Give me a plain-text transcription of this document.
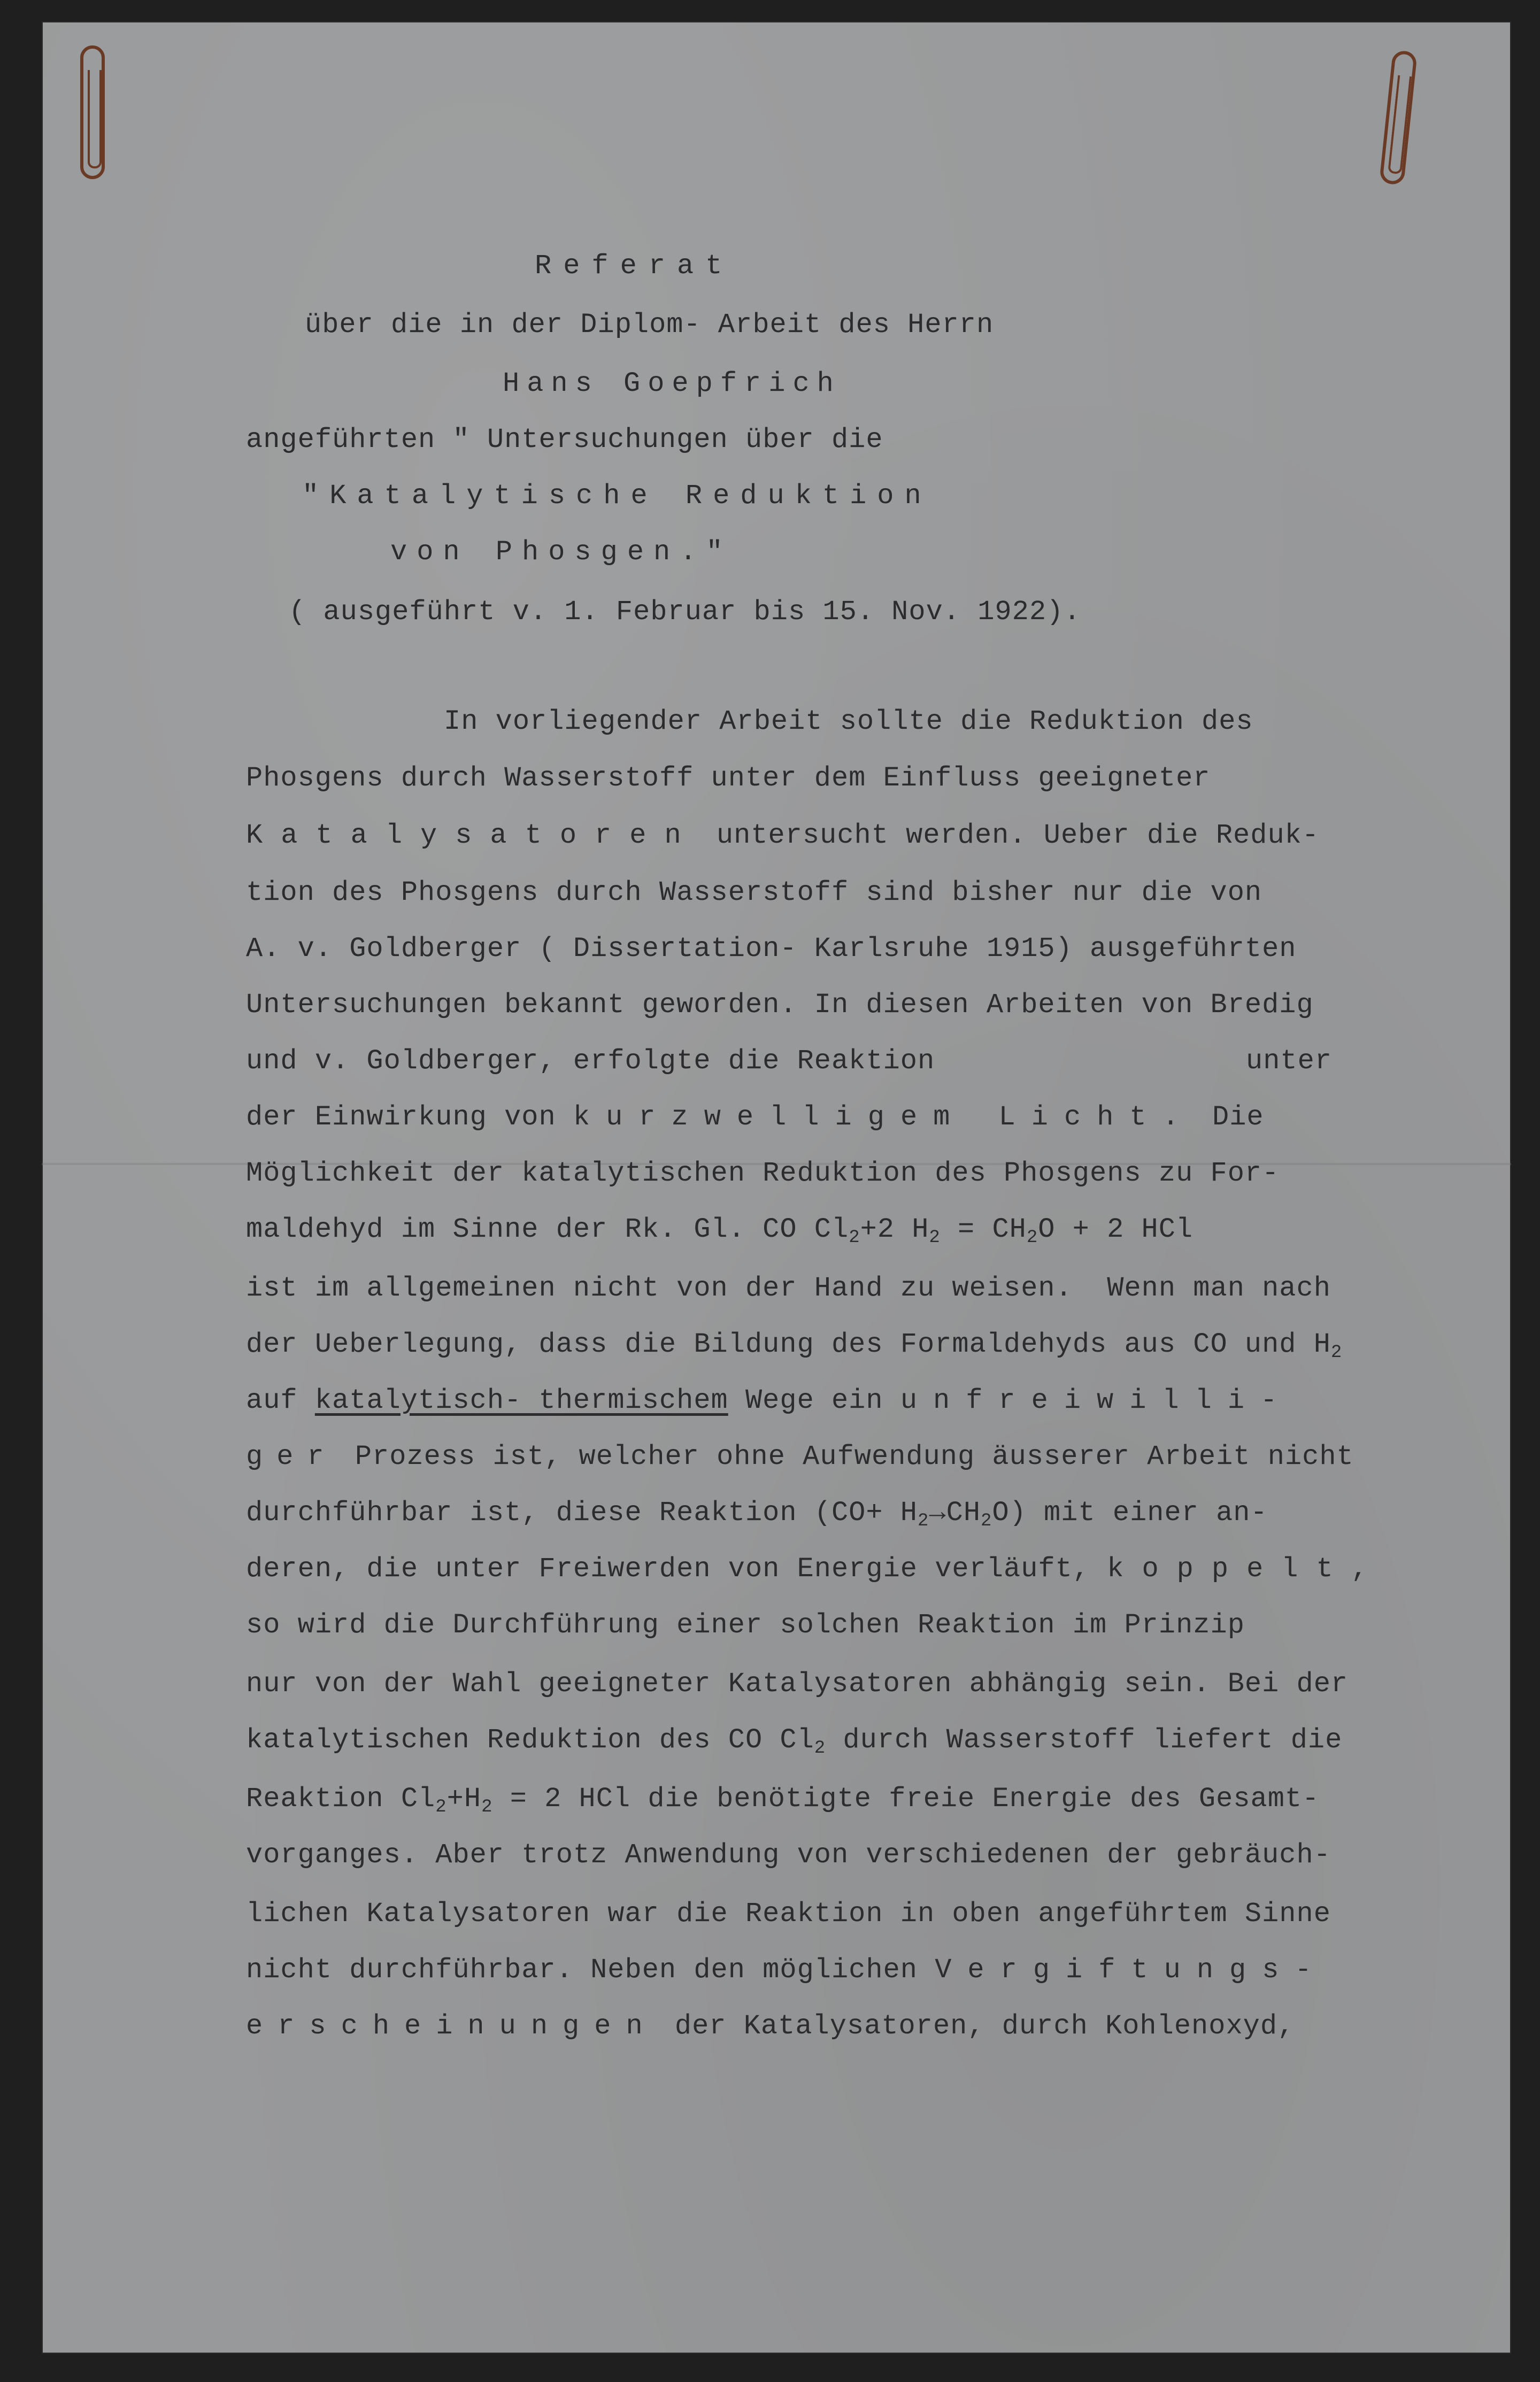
Referat
über die in der Diplom- Arbeit des Herrn
Hans Goepfrich
angeführten " Untersuchungen über die
"Katalytische Reduktion
von Phosgen."
( ausgeführt v. 1. Februar bis 15. Nov. 1922).
In vorliegender Arbeit sollte die Reduktion des
Phosgens durch Wasserstoff unter dem Einfluss geeigneter
Katalysatoren untersucht werden. Ueber die Reduk-
tion des Phosgens durch Wasserstoff sind bisher nur die von
A. v. Goldberger ( Dissertation- Karlsruhe 1915) ausgeführten
Untersuchungen bekannt geworden. In diesen Arbeiten von Bredig
und v. Goldberger, erfolgte die Reaktion	unter
der Einwirkung von kurzwelligem Licht. Die
Möglichkeit der katalytischen Reduktion des Phosgens zu For-
maldehyd im Sinne der Rk. Gl. CO $Cl_2+2$ $H_2 = CH_2O + 2$ HCl
ist im allgemeinen nicht von der Hand zu weisen.  Wenn man nach
der Ueberlegung, dass die Bildung des Formaldehyds aus CO und $H_2$
auf katalytisch- thermischem Wege ein unfreiwilli-
ger Prozess ist, welcher ohne Aufwendung äusserer Arbeit nicht
durchführbar ist, diese Reaktion $(CO+ H_2\to CH_2O)$ mit einer an-
deren, die unter Freiwerden von Energie verläuft, koppelt,
so wird die Durchführung einer solchen Reaktion im Prinzip
nur von der Wahl geeigneter Katalysatoren abhängig sein. Bei der
katalytischen Reduktion des CO $Cl_2$ durch Wasserstoff liefert die
Reaktion $Cl_2+H_2 = 2$ HCl die benötigte freie Energie des Gesamt-
vorganges. Aber trotz Anwendung von verschiedenen der gebräuch-
lichen Katalysatoren war die Reaktion in oben angeführtem Sinne
nicht durchführbar. Neben den möglichen Vergiftungs-
erscheinungen der Katalysatoren, durch Kohlenoxyd,
